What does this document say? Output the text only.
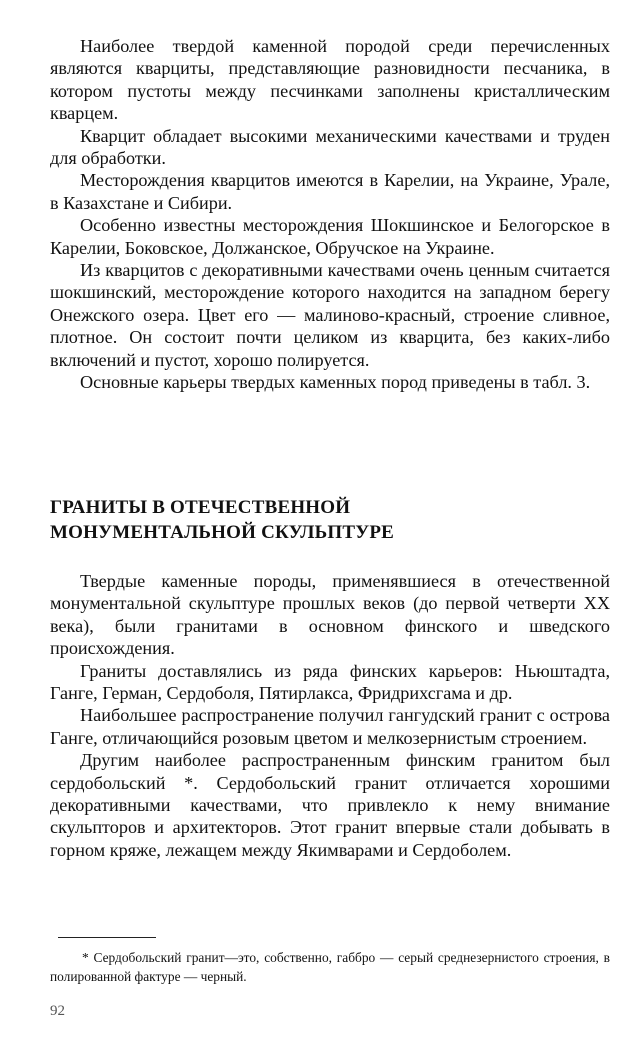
Наиболее твердой каменной породой среди перечисленных являются кварциты, представляющие разновидности песчаника, в котором пустоты между песчинками заполнены кристаллическим кварцем.

Кварцит обладает высокими механическими качествами и труден для обработки.

Месторождения кварцитов имеются в Карелии, на Украине, Урале, в Казахстане и Сибири.

Особенно известны месторождения Шокшинское и Белогорское в Карелии, Боковское, Должанское, Обручское на Украине.

Из кварцитов с декоративными качествами очень ценным считается шокшинский, месторождение которого находится на западном берегу Онежского озера. Цвет его — малиново-красный, строение сливное, плотное. Он состоит почти целиком из кварцита, без каких-либо включений и пустот, хорошо полируется.

Основные карьеры твердых каменных пород приведены в табл. 3.

ГРАНИТЫ В ОТЕЧЕСТВЕННОЙ
МОНУМЕНТАЛЬНОЙ СКУЛЬПТУРЕ

Твердые каменные породы, применявшиеся в отечественной монументальной скульптуре прошлых веков (до первой четверти XX века), были гранитами в основном финского и шведского происхождения.

Граниты доставлялись из ряда финских карьеров: Ньюштадта, Ганге, Герман, Сердоболя, Пятирлакса, Фридрихсгама и др.

Наибольшее распространение получил гангудский гранит с острова Ганге, отличающийся розовым цветом и мелкозернистым строением.

Другим наиболее распространенным финским гранитом был сердобольский *. Сердобольский гранит отличается хорошими декоративными качествами, что привлекло к нему внимание скульпторов и архитекторов. Этот гранит впервые стали добывать в горном кряже, лежащем между Якимварами и Сердоболем.

* Сердобольский гранит—это, собственно, габбро — серый среднезернистого строения, в полированной фактуре — черный.

92
